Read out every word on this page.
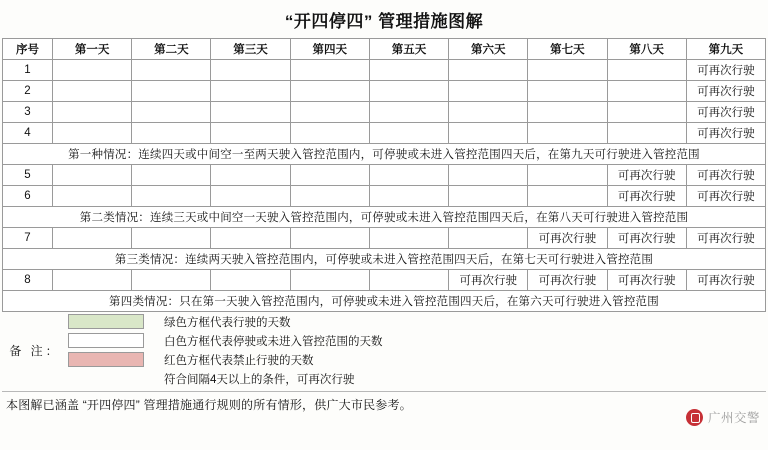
“开四停四” 管理措施图解
序号	第一天	第二天	第三天	第四天	第五天	第六天	第七天	第八天	第九天
1									可再次行驶
2									可再次行驶
3									可再次行驶
4									可再次行驶
第一种情况：连续四天或中间空一至两天驶入管控范围内，可停驶或未进入管控范围四天后，在第九天可行驶进入管控范围									
5								可再次行驶	可再次行驶
6								可再次行驶	可再次行驶
第二类情况：连续三天或中间空一天驶入管控范围内，可停驶或未进入管控范围四天后，在第八天可行驶进入管控范围									
7							可再次行驶	可再次行驶	可再次行驶
第三类情况：连续两天驶入管控范围内，可停驶或未进入管控范围四天后，在第七天可行驶进入管控范围									
8						可再次行驶	可再次行驶	可再次行驶	可再次行驶
第四类情况：只在第一天驶入管控范围内，可停驶或未进入管控范围四天后，在第六天可行驶进入管控范围									
备 注：		绿色方框代表行驶的天数
		白色方框代表停驶或未进入管控范围的天数
		红色方框代表禁止行驶的天数
		符合间隔4天以上的条件，可再次行驶
本图解已涵盖 “开四停四” 管理措施通行规则的所有情形，供广大市民参考。
广州交警
